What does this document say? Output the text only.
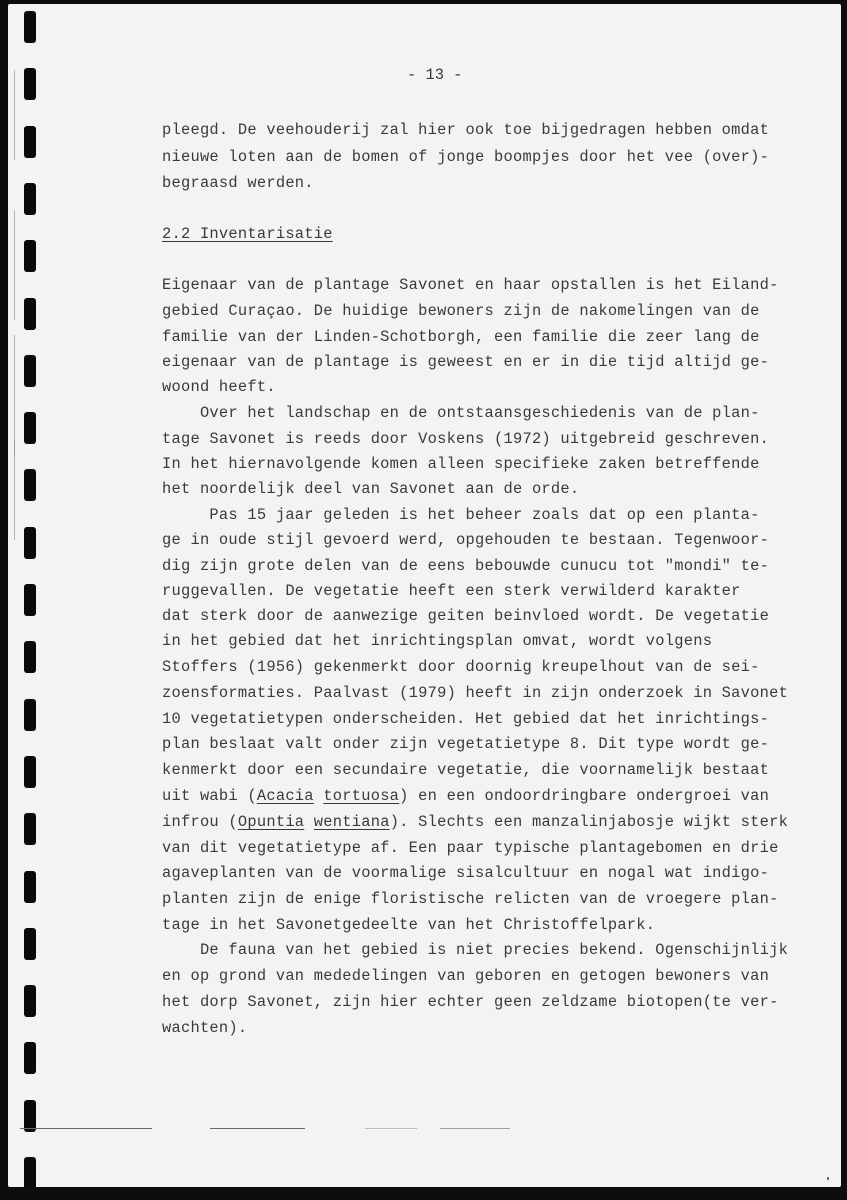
- 13 -
pleegd. De veehouderij zal hier ook toe bijgedragen hebben omdat
nieuwe loten aan de bomen of jonge boompjes door het vee (over)-
begraasd werden.
2.2 Inventarisatie
Eigenaar van de plantage Savonet en haar opstallen is het Eiland-
gebied Curaçao. De huidige bewoners zijn de nakomelingen van de
familie van der Linden-Schotborgh, een familie die zeer lang de
eigenaar van de plantage is geweest en er in die tijd altijd ge-
woond heeft.
Over het landschap en de ontstaansgeschiedenis van de plan-
tage Savonet is reeds door Voskens (1972) uitgebreid geschreven.
In het hiernavolgende komen alleen specifieke zaken betreffende
het noordelijk deel van Savonet aan de orde.
Pas 15 jaar geleden is het beheer zoals dat op een planta-
ge in oude stijl gevoerd werd, opgehouden te bestaan. Tegenwoor-
dig zijn grote delen van de eens bebouwde cunucu tot "mondi" te-
ruggevallen. De vegetatie heeft een sterk verwilderd karakter
dat sterk door de aanwezige geiten beinvloed wordt. De vegetatie
in het gebied dat het inrichtingsplan omvat, wordt volgens
Stoffers (1956) gekenmerkt door doornig kreupelhout van de sei-
zoensformaties. Paalvast (1979) heeft in zijn onderzoek in Savonet
10 vegetatietypen onderscheiden. Het gebied dat het inrichtings-
plan beslaat valt onder zijn vegetatietype 8. Dit type wordt ge-
kenmerkt door een secundaire vegetatie, die voornamelijk bestaat
uit wabi (Acacia tortuosa) en een ondoordringbare ondergroei van
infrou (Opuntia wentiana). Slechts een manzalinjabosje wijkt sterk
van dit vegetatietype af. Een paar typische plantagebomen en drie
agaveplanten van de voormalige sisalcultuur en nogal wat indigo-
planten zijn de enige floristische relicten van de vroegere plan-
tage in het Savonetgedeelte van het Christoffelpark.
De fauna van het gebied is niet precies bekend. Ogenschijnlijk
en op grond van mededelingen van geboren en getogen bewoners van
het dorp Savonet, zijn hier echter geen zeldzame biotopen(te ver-
wachten).
